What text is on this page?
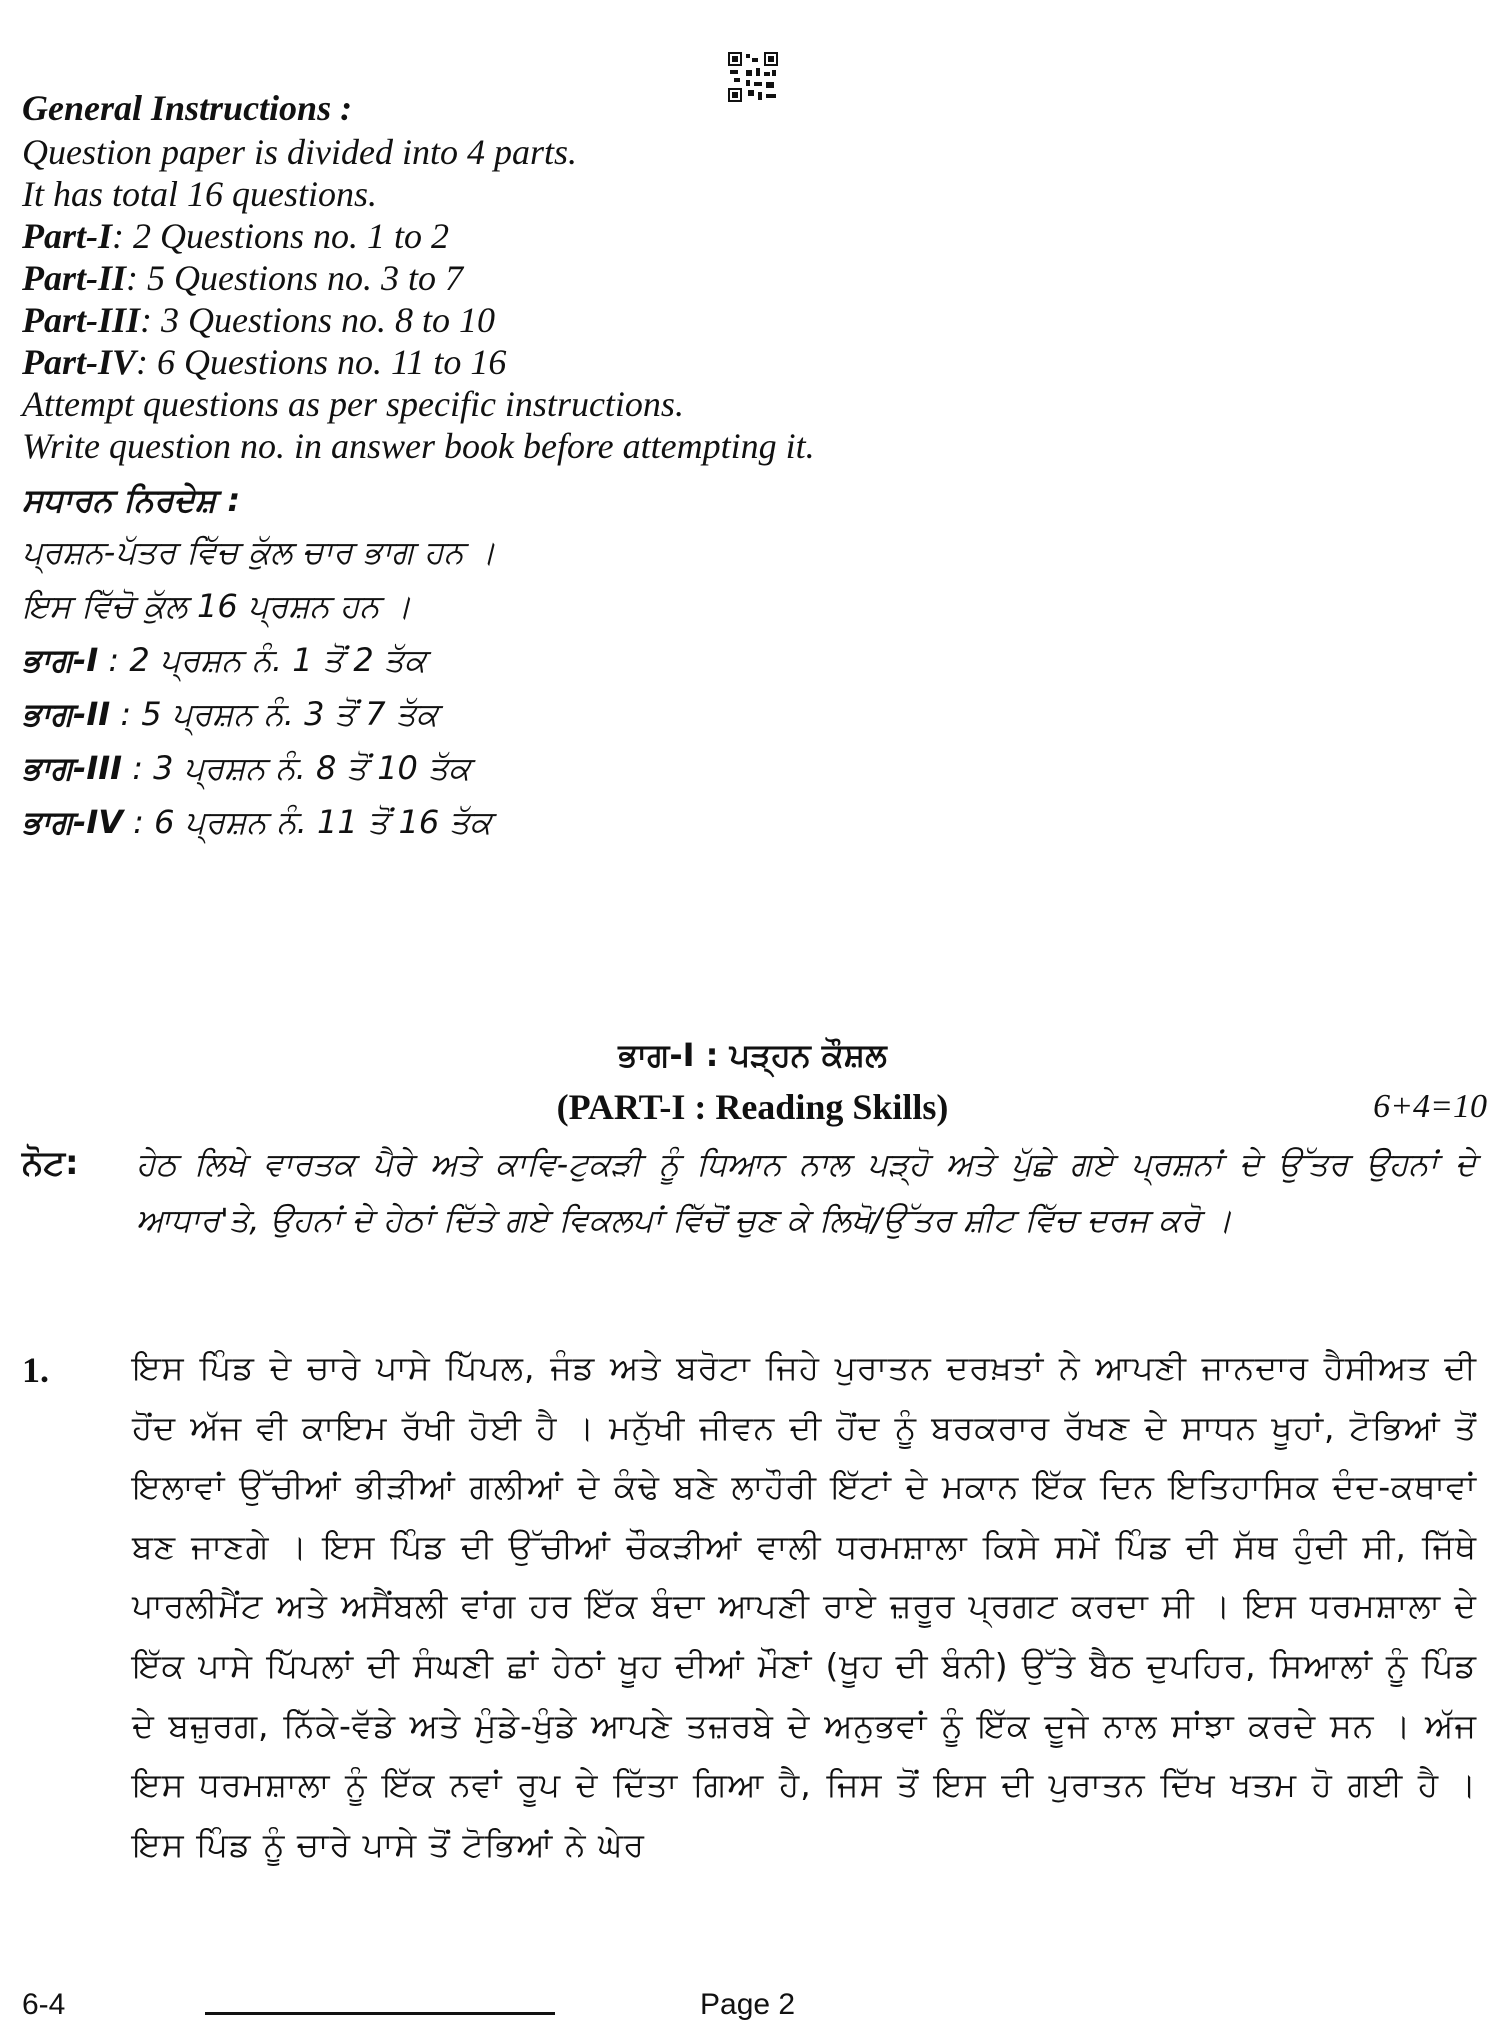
General Instructions :
Question paper is divided into 4 parts.
It has total 16 questions.
Part-I: 2 Questions no. 1 to 2
Part-II: 5 Questions no. 3 to 7
Part-III: 3 Questions no. 8 to 10
Part-IV: 6 Questions no. 11 to 16
Attempt questions as per specific instructions.
Write question no. in answer book before attempting it.
ਸਧਾਰਨ ਨਿਰਦੇਸ਼ :
ਪ੍ਰਸ਼ਨ-ਪੱਤਰ ਵਿੱਚ ਕੁੱਲ ਚਾਰ ਭਾਗ ਹਨ ।
ਇਸ ਵਿੱਚੋ ਕੁੱਲ 16 ਪ੍ਰਸ਼ਨ ਹਨ ।
ਭਾਗ-I : 2 ਪ੍ਰਸ਼ਨ ਨੰ. 1 ਤੋਂ 2 ਤੱਕ
ਭਾਗ-II : 5 ਪ੍ਰਸ਼ਨ ਨੰ. 3 ਤੋਂ 7 ਤੱਕ
ਭਾਗ-III : 3 ਪ੍ਰਸ਼ਨ ਨੰ. 8 ਤੋਂ 10 ਤੱਕ
ਭਾਗ-IV : 6 ਪ੍ਰਸ਼ਨ ਨੰ. 11 ਤੋਂ 16 ਤੱਕ
ਭਾਗ-I : ਪੜ੍ਹਨ ਕੌਸ਼ਲ
(PART-I : Reading Skills)	6+4=10
ਨੋਟ: ਹੇਠ ਲਿਖੇ ਵਾਰਤਕ ਪੈਰੇ ਅਤੇ ਕਾਵਿ-ਟੁਕੜੀ ਨੂੰ ਧਿਆਨ ਨਾਲ ਪੜ੍ਹੋ ਅਤੇ ਪੁੱਛੇ ਗਏ ਪ੍ਰਸ਼ਨਾਂ ਦੇ ਉੱਤਰ ਉਹਨਾਂ ਦੇ ਆਧਾਰ'ਤੇ, ਉਹਨਾਂ ਦੇ ਹੇਠਾਂ ਦਿੱਤੇ ਗਏ ਵਿਕਲਪਾਂ ਵਿੱਚੋਂ ਚੁਣ ਕੇ ਲਿਖੋ/ਉੱਤਰ ਸ਼ੀਟ ਵਿੱਚ ਦਰਜ ਕਰੋ ।
1.	ਇਸ ਪਿੰਡ ਦੇ ਚਾਰੇ ਪਾਸੇ ਪਿੱਪਲ, ਜੰਡ ਅਤੇ ਬਰੋਟਾ ਜਿਹੇ ਪੁਰਾਤਨ ਦਰਖ਼ਤਾਂ ਨੇ ਆਪਣੀ ਜਾਨਦਾਰ ਹੈਸੀਅਤ ਦੀ ਹੋਂਦ ਅੱਜ ਵੀ ਕਾਇਮ ਰੱਖੀ ਹੋਈ ਹੈ । ਮਨੁੱਖੀ ਜੀਵਨ ਦੀ ਹੋਂਦ ਨੂੰ ਬਰਕਰਾਰ ਰੱਖਣ ਦੇ ਸਾਧਨ ਖੂਹਾਂ, ਟੋਭਿਆਂ ਤੋਂ ਇਲਾਵਾਂ ਉੱਚੀਆਂ ਭੀੜੀਆਂ ਗਲੀਆਂ ਦੇ ਕੰਢੇ ਬਣੇ ਲਾਹੌਰੀ ਇੱਟਾਂ ਦੇ ਮਕਾਨ ਇੱਕ ਦਿਨ ਇਤਿਹਾਸਿਕ ਦੰਦ-ਕਥਾਵਾਂ ਬਣ ਜਾਣਗੇ । ਇਸ ਪਿੰਡ ਦੀ ਉੱਚੀਆਂ ਚੌਕੜੀਆਂ ਵਾਲੀ ਧਰਮਸ਼ਾਲਾ ਕਿਸੇ ਸਮੇਂ ਪਿੰਡ ਦੀ ਸੱਥ ਹੁੰਦੀ ਸੀ, ਜਿੱਥੇ ਪਾਰਲੀਮੈਂਟ ਅਤੇ ਅਸੈਂਬਲੀ ਵਾਂਗ ਹਰ ਇੱਕ ਬੰਦਾ ਆਪਣੀ ਰਾਏ ਜ਼ਰੂਰ ਪ੍ਰਗਟ ਕਰਦਾ ਸੀ । ਇਸ ਧਰਮਸ਼ਾਲਾ ਦੇ ਇੱਕ ਪਾਸੇ ਪਿੱਪਲਾਂ ਦੀ ਸੰਘਣੀ ਛਾਂ ਹੇਠਾਂ ਖੂਹ ਦੀਆਂ ਮੌਣਾਂ (ਖੂਹ ਦੀ ਬੰਨੀ) ਉੱਤੇ ਬੈਠ ਦੁਪਹਿਰ, ਸਿਆਲਾਂ ਨੂੰ ਪਿੰਡ ਦੇ ਬਜ਼ੁਰਗ, ਨਿੱਕੇ-ਵੱਡੇ ਅਤੇ ਮੁੰਡੇ-ਖੁੰਡੇ ਆਪਣੇ ਤਜ਼ਰਬੇ ਦੇ ਅਨੁਭਵਾਂ ਨੂੰ ਇੱਕ ਦੂਜੇ ਨਾਲ ਸਾਂਝਾ ਕਰਦੇ ਸਨ । ਅੱਜ ਇਸ ਧਰਮਸ਼ਾਲਾ ਨੂੰ ਇੱਕ ਨਵਾਂ ਰੂਪ ਦੇ ਦਿੱਤਾ ਗਿਆ ਹੈ, ਜਿਸ ਤੋਂ ਇਸ ਦੀ ਪੁਰਾਤਨ ਦਿੱਖ ਖਤਮ ਹੋ ਗਈ ਹੈ । ਇਸ ਪਿੰਡ ਨੂੰ ਚਾਰੇ ਪਾਸੇ ਤੋਂ ਟੋਭਿਆਂ ਨੇ ਘੇਰ
6-4	Page 2
